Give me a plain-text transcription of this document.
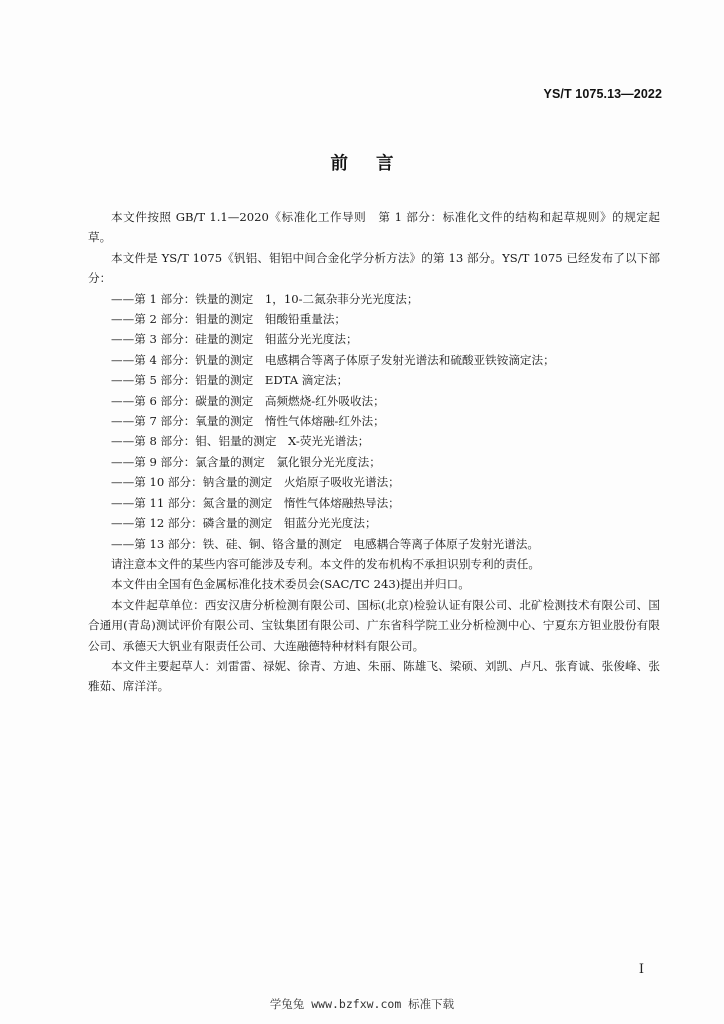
YS/T 1075.13—2022
前言

本文件按照 GB/T 1.1—2020《标准化工作导则　第 1 部分：标准化文件的结构和起草规则》的规定起草。

本文件是 YS/T 1075《钒铝、钼铝中间合金化学分析方法》的第 13 部分。YS/T 1075 已经发布了以下部分：

——第 1 部分：铁量的测定　1，10-二氮杂菲分光光度法；
——第 2 部分：钼量的测定　钼酸铅重量法；
——第 3 部分：硅量的测定　钼蓝分光光度法；
——第 4 部分：钒量的测定　电感耦合等离子体原子发射光谱法和硫酸亚铁铵滴定法；
——第 5 部分：铝量的测定　EDTA 滴定法；
——第 6 部分：碳量的测定　高频燃烧-红外吸收法；
——第 7 部分：氧量的测定　惰性气体熔融-红外法；
——第 8 部分：钼、铝量的测定　X-荧光光谱法；
——第 9 部分：氯含量的测定　氯化银分光光度法；
——第 10 部分：钠含量的测定　火焰原子吸收光谱法；
——第 11 部分：氮含量的测定　惰性气体熔融热导法；
——第 12 部分：磷含量的测定　钼蓝分光光度法；
——第 13 部分：铁、硅、铜、铬含量的测定　电感耦合等离子体原子发射光谱法。

请注意本文件的某些内容可能涉及专利。本文件的发布机构不承担识别专利的责任。

本文件由全国有色金属标准化技术委员会(SAC/TC 243)提出并归口。

本文件起草单位：西安汉唐分析检测有限公司、国标(北京)检验认证有限公司、北矿检测技术有限公司、国合通用(青岛)测试评价有限公司、宝钛集团有限公司、广东省科学院工业分析检测中心、宁夏东方钽业股份有限公司、承德天大钒业有限责任公司、大连融德特种材料有限公司。

本文件主要起草人：刘雷雷、禄妮、徐青、方迪、朱丽、陈雄飞、梁硕、刘凯、卢凡、张育诚、张俊峰、张雅茹、席洋洋。

I
学兔兔 www.bzfxw.com 标准下载
